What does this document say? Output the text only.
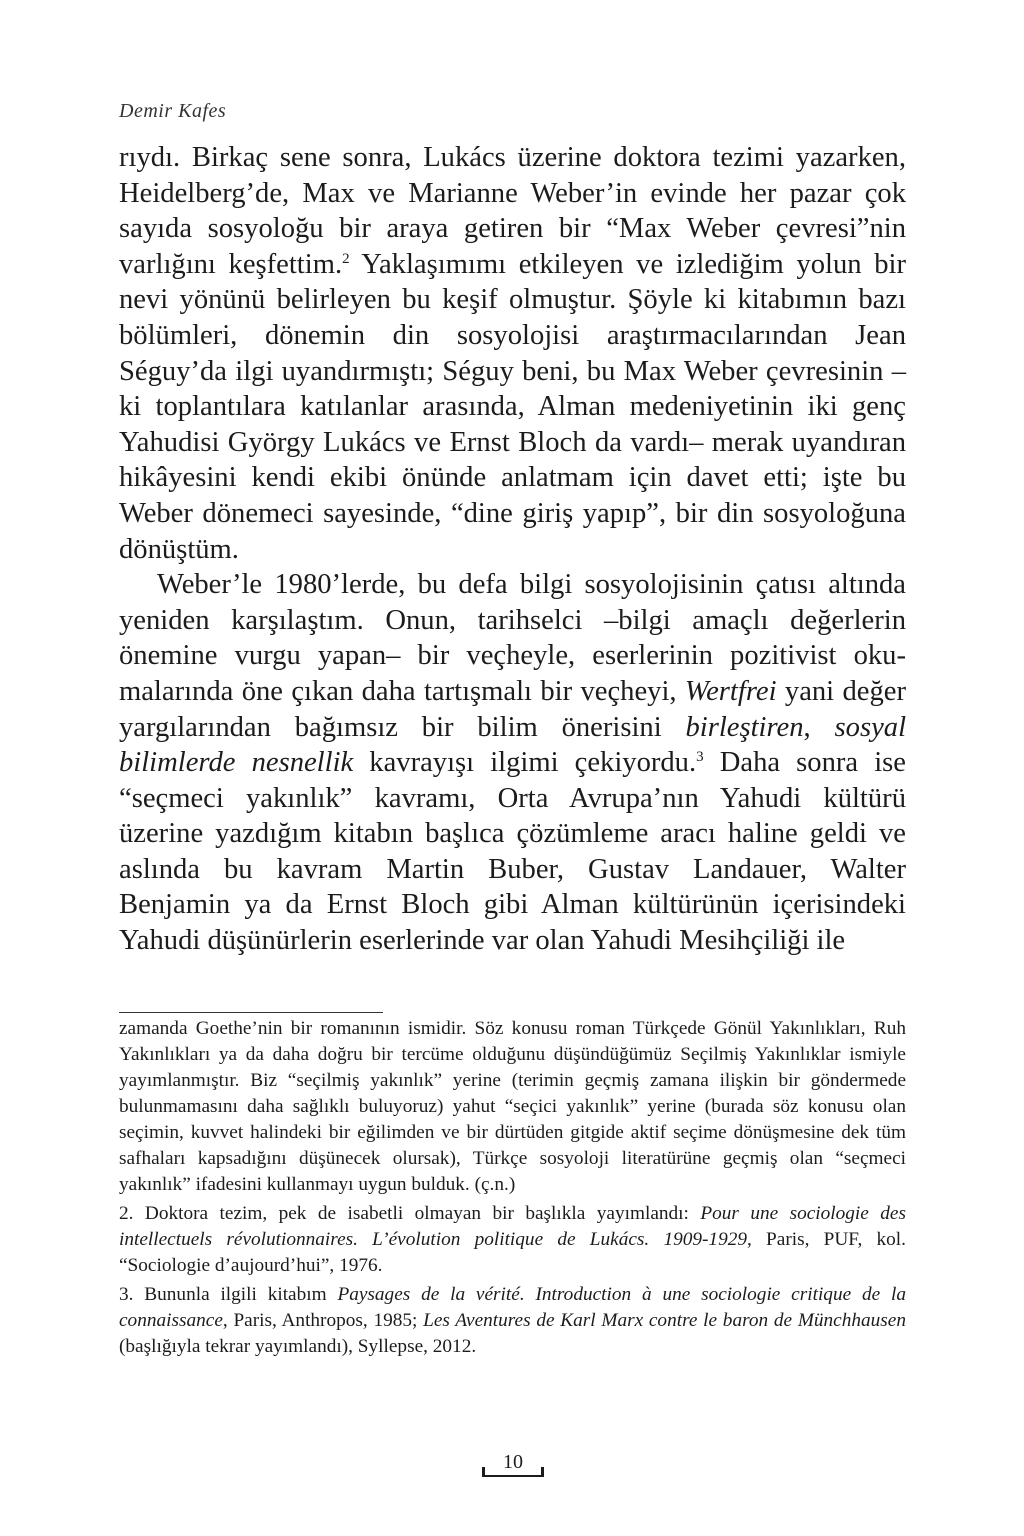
Demir Kafes

rıydı. Birkaç sene sonra, Lukács üzerine doktora tezimi yazarken, Heidelberg’de, Max ve Marianne Weber’in evinde her pazar çok sayıda sosyoloğu bir araya getiren bir “Max Weber çevresi”nin varlığını keşfettim.$^2$ Yaklaşımımı etkileyen ve izlediğim yolun bir nevi yönünü belirleyen bu keşif olmuştur. Şöyle ki kitabımın bazı bölümleri, dönemin din sosyolojisi araştırmacılarından Jean Séguy’da ilgi uyandırmıştı; Séguy beni, bu Max Weber çevresinin –ki toplantılara katılanlar arasında, Alman medeniyetinin iki genç Yahudisi György Lukács ve Ernst Bloch da vardı– merak uyandıran hikâyesini kendi ekibi önünde anlatmam için davet etti; işte bu Weber dönemeci sayesinde, “dine giriş yapıp”, bir din sosyoloğuna dönüştüm.

Weber’le 1980’lerde, bu defa bilgi sosyolojisinin çatısı altında yeniden karşılaştım. Onun, tarihselci –bilgi amaçlı değerlerin önemine vurgu yapan– bir veçheyle, eserlerinin pozitivist okumalarında öne çıkan daha tartışmalı bir veçheyi, Wertfrei yani değer yargılarından bağımsız bir bilim önerisini birleştiren, sosyal bilimlerde nesnellik kavrayışı ilgimi çekiyordu.$^3$ Daha sonra ise “seçmeci yakınlık” kavramı, Orta Avrupa’nın Yahudi kültürü üzerine yazdığım kitabın başlıca çözümleme aracı haline geldi ve aslında bu kavram Martin Buber, Gustav Landauer, Walter Benjamin ya da Ernst Bloch gibi Alman kültürünün içerisindeki Yahudi düşünürlerin eserlerinde var olan Yahudi Mesihçiliği ile

zamanda Goethe’nin bir romanının ismidir. Söz konusu roman Türkçede Gönül Yakınlıkları, Ruh Yakınlıkları ya da daha doğru bir tercüme olduğunu düşündüğümüz Seçilmiş Yakınlıklar ismiyle yayımlanmıştır. Biz “seçilmiş yakınlık” yerine (terimin geçmiş zamana ilişkin bir göndermede bulunmamasını daha sağlıklı buluyoruz) yahut “seçici yakınlık” yerine (burada söz konusu olan seçimin, kuvvet halindeki bir eğilimden ve bir dürtüden gitgide aktif seçime dönüşmesine dek tüm safhaları kapsadığını düşünecek olursak), Türkçe sosyoloji literatürüne geçmiş olan “seçmeci yakınlık” ifadesini kullanmayı uygun bulduk. (ç.n.)

2. Doktora tezim, pek de isabetli olmayan bir başlıkla yayımlandı: Pour une sociologie des intellectuels révolutionnaires. L’évolution politique de Lukács. 1909-1929, Paris, PUF, kol. “Sociologie d’aujourd’hui”, 1976.

3. Bununla ilgili kitabım Paysages de la vérité. Introduction à une sociologie critique de la connaissance, Paris, Anthropos, 1985; Les Aventures de Karl Marx contre le baron de Münchhausen (başlığıyla tekrar yayımlandı), Syllepse, 2012.

10
